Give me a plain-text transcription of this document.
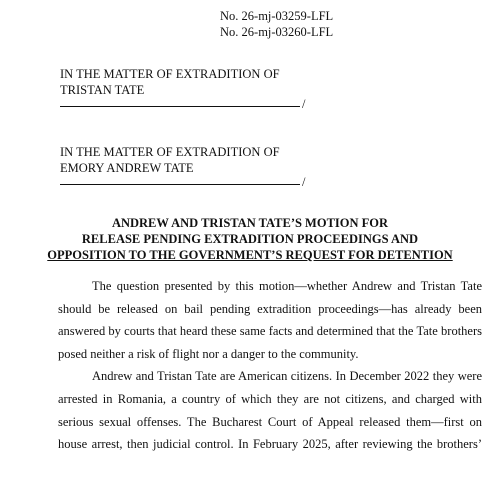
No. 26-mj-03259-LFL
No. 26-mj-03260-LFL
IN THE MATTER OF EXTRADITION OF
TRISTAN TATE
/
IN THE MATTER OF EXTRADITION OF
EMORY ANDREW TATE
/
ANDREW AND TRISTAN TATE’S MOTION FOR
RELEASE PENDING EXTRADITION PROCEEDINGS AND
OPPOSITION TO THE GOVERNMENT’S REQUEST FOR DETENTION
The question presented by this motion—whether Andrew and Tristan Tate
should be released on bail pending extradition proceedings—has already been
answered by courts that heard these same facts and determined that the Tate brothers
posed neither a risk of flight nor a danger to the community.
Andrew and Tristan Tate are American citizens. In December 2022 they were
arrested in Romania, a country of which they are not citizens, and charged with
serious sexual offenses. The Bucharest Court of Appeal released them—first on
house arrest, then judicial control. In February 2025, after reviewing the brothers’
